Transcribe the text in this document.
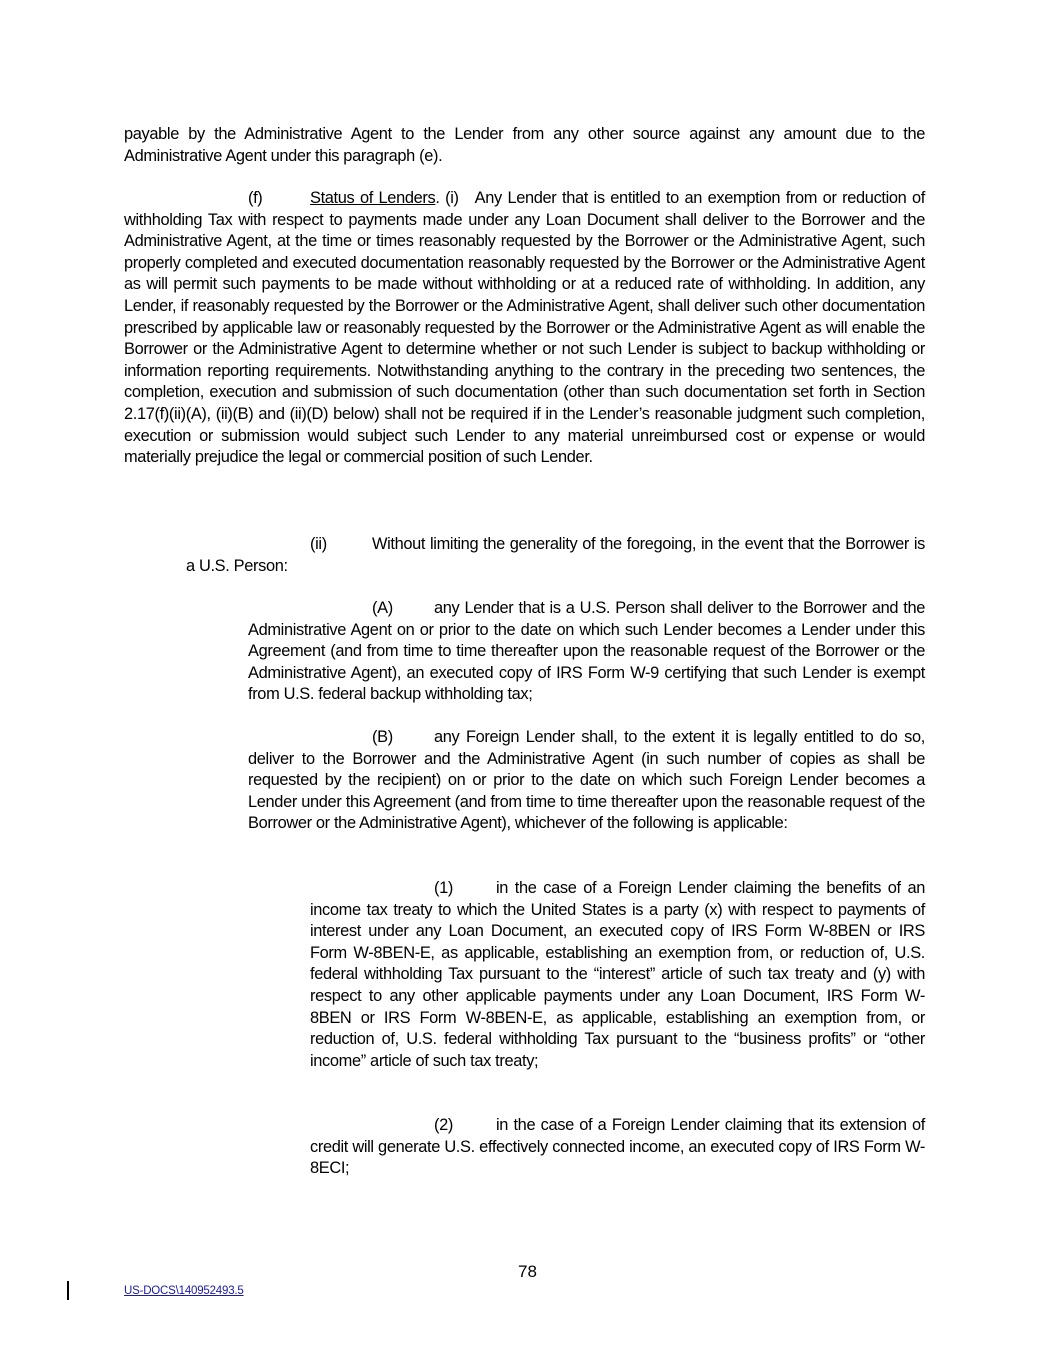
payable by the Administrative Agent to the Lender from any other source against any amount due to the Administrative Agent under this paragraph (e).

(f)	Status of Lenders. (i) Any Lender that is entitled to an exemption from or reduction of withholding Tax with respect to payments made under any Loan Document shall deliver to the Borrower and the Administrative Agent, at the time or times reasonably requested by the Borrower or the Administrative Agent, such properly completed and executed documentation reasonably requested by the Borrower or the Administrative Agent as will permit such payments to be made without withholding or at a reduced rate of withholding. In addition, any Lender, if reasonably requested by the Borrower or the Administrative Agent, shall deliver such other documentation prescribed by applicable law or reasonably requested by the Borrower or the Administrative Agent as will enable the Borrower or the Administrative Agent to determine whether or not such Lender is subject to backup withholding or information reporting requirements. Notwithstanding anything to the contrary in the preceding two sentences, the completion, execution and submission of such documentation (other than such documentation set forth in Section 2.17(f)(ii)(A), (ii)(B) and (ii)(D) below) shall not be required if in the Lender’s reasonable judgment such completion, execution or submission would subject such Lender to any material unreimbursed cost or expense or would materially prejudice the legal or commercial position of such Lender.

(ii)	Without limiting the generality of the foregoing, in the event that the Borrower is a U.S. Person:

(A)	any Lender that is a U.S. Person shall deliver to the Borrower and the Administrative Agent on or prior to the date on which such Lender becomes a Lender under this Agreement (and from time to time thereafter upon the reasonable request of the Borrower or the Administrative Agent), an executed copy of IRS Form W-9 certifying that such Lender is exempt from U.S. federal backup withholding tax;

(B)	any Foreign Lender shall, to the extent it is legally entitled to do so, deliver to the Borrower and the Administrative Agent (in such number of copies as shall be requested by the recipient) on or prior to the date on which such Foreign Lender becomes a Lender under this Agreement (and from time to time thereafter upon the reasonable request of the Borrower or the Administrative Agent), whichever of the following is applicable:

(1)	in the case of a Foreign Lender claiming the benefits of an income tax treaty to which the United States is a party (x) with respect to payments of interest under any Loan Document, an executed copy of IRS Form W-8BEN or IRS Form W-8BEN-E, as applicable, establishing an exemption from, or reduction of, U.S. federal withholding Tax pursuant to the “interest” article of such tax treaty and (y) with respect to any other applicable payments under any Loan Document, IRS Form W-8BEN or IRS Form W-8BEN-E, as applicable, establishing an exemption from, or reduction of, U.S. federal withholding Tax pursuant to the “business profits” or “other income” article of such tax treaty;

(2)	in the case of a Foreign Lender claiming that its extension of credit will generate U.S. effectively connected income, an executed copy of IRS Form W-8ECI;

78
US-DOCS\140952493.5
